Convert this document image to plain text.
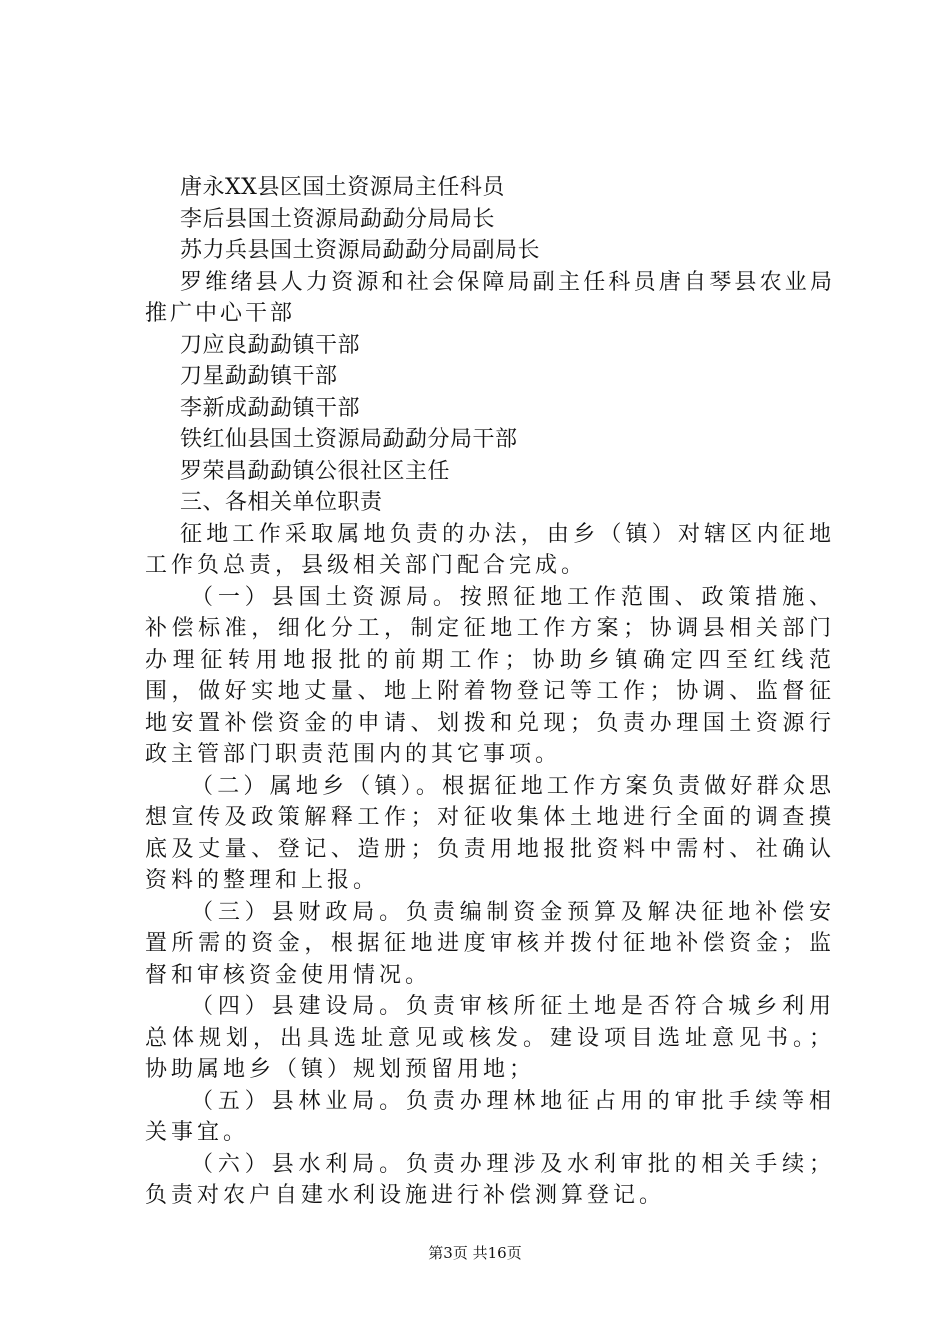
唐永XX县区国土资源局主任科员
李后县国土资源局勐勐分局局长
苏力兵县国土资源局勐勐分局副局长
罗维绪县人力资源和社会保障局副主任科员唐自琴县农业局推广中心干部
刀应良勐勐镇干部
刀星勐勐镇干部
李新成勐勐镇干部
铁红仙县国土资源局勐勐分局干部
罗荣昌勐勐镇公很社区主任
三、各相关单位职责
征地工作采取属地负责的办法，由乡（镇）对辖区内征地工作负总责，县级相关部门配合完成。
（一）县国土资源局。按照征地工作范围、政策措施、补偿标准，细化分工，制定征地工作方案；协调县相关部门办理征转用地报批的前期工作；协助乡镇确定四至红线范围，做好实地丈量、地上附着物登记等工作；协调、监督征地安置补偿资金的申请、划拨和兑现；负责办理国土资源行政主管部门职责范围内的其它事项。
（二）属地乡（镇）。根据征地工作方案负责做好群众思想宣传及政策解释工作；对征收集体土地进行全面的调查摸底及丈量、登记、造册；负责用地报批资料中需村、社确认资料的整理和上报。
（三）县财政局。负责编制资金预算及解决征地补偿安置所需的资金，根据征地进度审核并拨付征地补偿资金；监督和审核资金使用情况。
（四）县建设局。负责审核所征土地是否符合城乡利用总体规划，出具选址意见或核发。建设项目选址意见书。；协助属地乡（镇）规划预留用地；
（五）县林业局。负责办理林地征占用的审批手续等相关事宜。
（六）县水利局。负责办理涉及水利审批的相关手续；负责对农户自建水利设施进行补偿测算登记。
第3页 共16页
